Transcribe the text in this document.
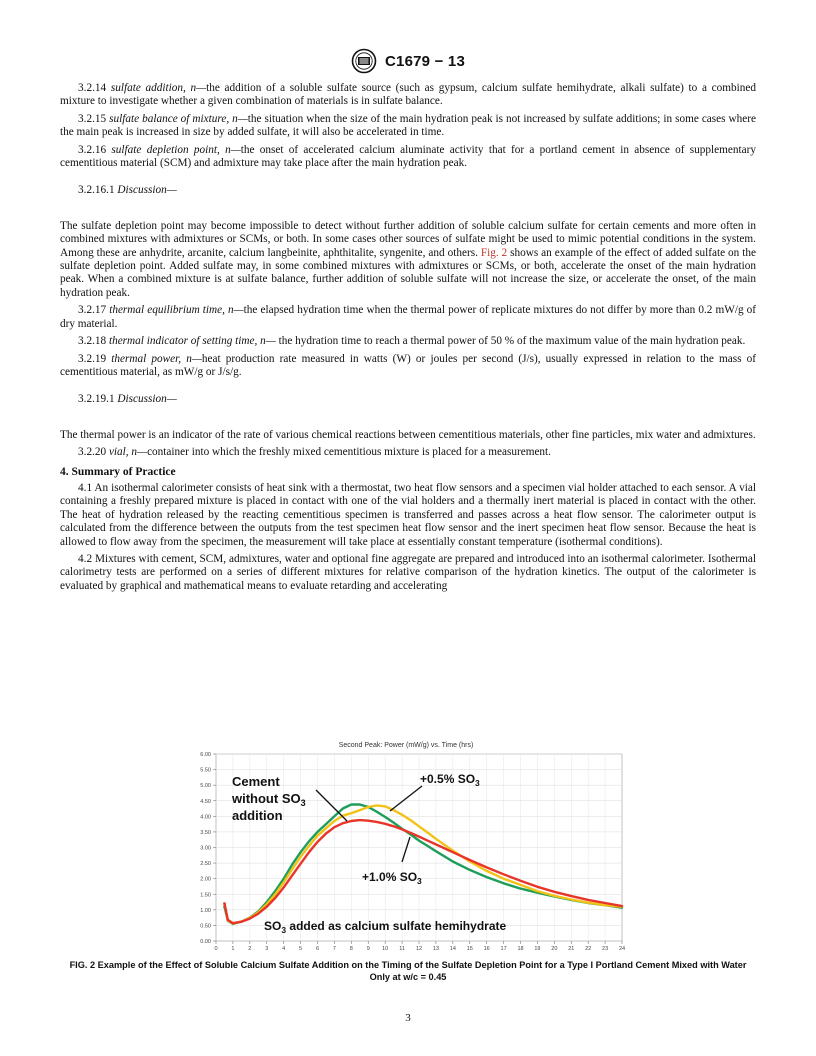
C1679 − 13

3.2.14 sulfate addition, n—the addition of a soluble sulfate source (such as gypsum, calcium sulfate hemihydrate, alkali sulfate) to a combined mixture to investigate whether a given combination of materials is in sulfate balance.

3.2.15 sulfate balance of mixture, n—the situation when the size of the main hydration peak is not increased by sulfate additions; in some cases where the main peak is increased in size by added sulfate, it will also be accelerated in time.

3.2.16 sulfate depletion point, n—the onset of accelerated calcium aluminate activity that for a portland cement in absence of supplementary cementitious material (SCM) and admixture may take place after the main hydration peak.

3.2.16.1 Discussion—

The sulfate depletion point may become impossible to detect without further addition of soluble calcium sulfate for certain cements and more often in combined mixtures with admixtures or SCMs, or both. In some cases other sources of sulfate might be used to mimic potential conditions in the system. Among these are anhydrite, arcanite, calcium langbeinite, aphthitalite, syngenite, and others. Fig. 2 shows an example of the effect of added sulfate on the sulfate depletion point. Added sulfate may, in some combined mixtures with admixtures or SCMs, or both, accelerate the onset of the main hydration peak. When a combined mixture is at sulfate balance, further addition of soluble sulfate will not increase the size, or accelerate the onset, of the main hydration peak.

3.2.17 thermal equilibrium time, n—the elapsed hydration time when the thermal power of replicate mixtures do not differ by more than 0.2 mW/g of dry material.

3.2.18 thermal indicator of setting time, n— the hydration time to reach a thermal power of 50 % of the maximum value of the main hydration peak.

3.2.19 thermal power, n—heat production rate measured in watts (W) or joules per second (J/s), usually expressed in relation to the mass of cementitious material, as mW/g or J/s/g.

3.2.19.1 Discussion—

The thermal power is an indicator of the rate of various chemical reactions between cementitious materials, other fine particles, mix water and admixtures.

3.2.20 vial, n—container into which the freshly mixed cementitious mixture is placed for a measurement.

4. Summary of Practice

4.1 An isothermal calorimeter consists of heat sink with a thermostat, two heat flow sensors and a specimen vial holder attached to each sensor. A vial containing a freshly prepared mixture is placed in contact with one of the vial holders and a thermally inert material is placed in contact with the other. The heat of hydration released by the reacting cementitious specimen is transferred and passes across a heat flow sensor. The calorimeter output is calculated from the difference between the outputs from the test specimen heat flow sensor and the inert specimen heat flow sensor. Because the heat is allowed to flow away from the specimen, the measurement will take place at essentially constant temperature (isothermal conditions).

4.2 Mixtures with cement, SCM, admixtures, water and optional fine aggregate are prepared and introduced into an isothermal calorimeter. Isothermal calorimetry tests are performed on a series of different mixtures for relative comparison of the hydration kinetics. The output of the calorimeter is evaluated by graphical and mathematical means to evaluate retarding and accelerating

Second Peak: Power (mW/g) vs. Time (hrs)
0.00
0.50
1.00
1.50
2.00
2.50
3.00
3.50
4.00
4.50
5.00
5.50
6.00
0	1	2	3	4	5	6	7	8	9 10 11 12 13 14 15 16 17 18 19 20 21 22 23 24
Cement
without $SO_3$
addition
+0.5% $SO_3$
+1.0% $SO_3$
$SO_3$ added as calcium sulfate hemihydrate
FIG. 2 Example of the Effect of Soluble Calcium Sulfate Addition on the Timing of the Sulfate Depletion Point for a Type I Portland Cement Mixed with Water Only at w/c = 0.45
3
